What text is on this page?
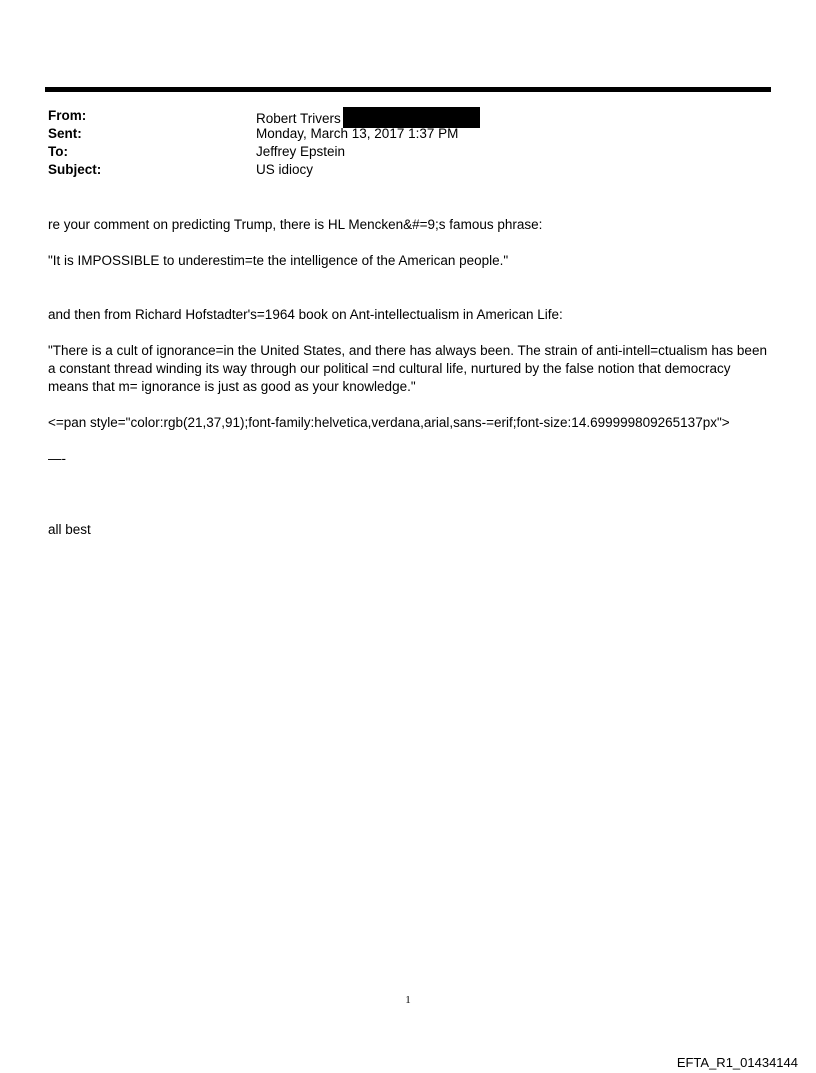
From:	Robert Trivers
Sent:	Monday, March 13, 2017 1:37 PM
To:	Jeffrey Epstein
Subject:	US idiocy
re your comment on predicting Trump, there is HL Mencken&#=9;s famous phrase:
"It is IMPOSSIBLE to underestim=te the intelligence of the American people."
and then from Richard Hofstadter's=1964 book on Ant-intellectualism in American Life:
"There is a cult of ignorance=in the United States, and there has always been. The strain of anti-intell=ctualism has been a constant thread winding its way through our political =nd cultural life, nurtured by the false notion that democracy means that m= ignorance is just as good as your knowledge."
<=pan style="color:rgb(21,37,91);font-family:helvetica,verdana,arial,sans-=erif;font-size:14.699999809265137px">
—-
all best
1
EFTA_R1_01434144
